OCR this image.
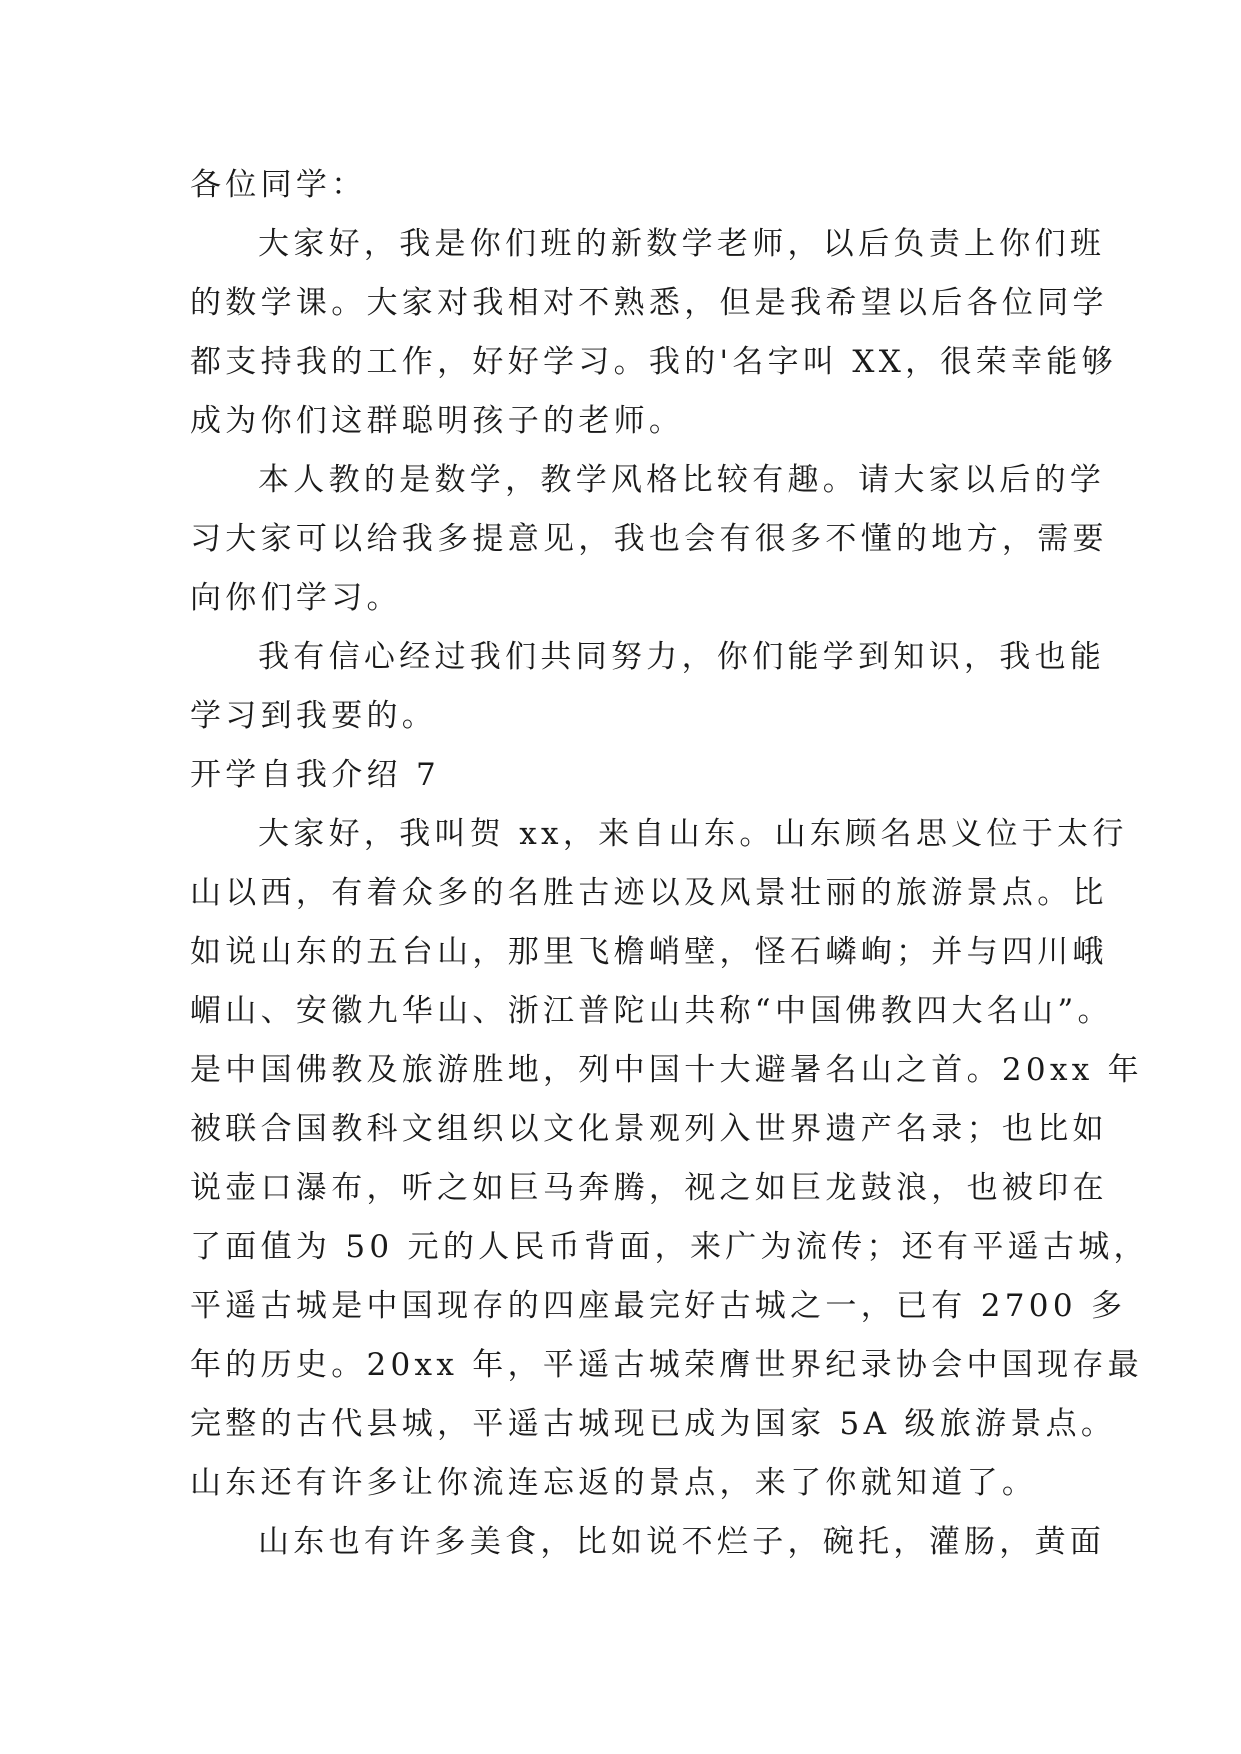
各位同学：
大家好，我是你们班的新数学老师，以后负责上你们班
的数学课。大家对我相对不熟悉，但是我希望以后各位同学
都支持我的工作，好好学习。我的'名字叫 XX，很荣幸能够
成为你们这群聪明孩子的老师。
本人教的是数学，教学风格比较有趣。请大家以后的学
习大家可以给我多提意见，我也会有很多不懂的地方，需要
向你们学习。
我有信心经过我们共同努力，你们能学到知识，我也能
学习到我要的。
开学自我介绍 7
大家好，我叫贺 xx，来自山东。山东顾名思义位于太行
山以西，有着众多的名胜古迹以及风景壮丽的旅游景点。比
如说山东的五台山，那里飞檐峭壁，怪石嶙峋；并与四川峨
嵋山、安徽九华山、浙江普陀山共称“中国佛教四大名山”。
是中国佛教及旅游胜地，列中国十大避暑名山之首。20xx 年
被联合国教科文组织以文化景观列入世界遗产名录；也比如
说壶口瀑布，听之如巨马奔腾，视之如巨龙鼓浪，也被印在
了面值为 50 元的人民币背面，来广为流传；还有平遥古城，
平遥古城是中国现存的四座最完好古城之一，已有 2700 多
年的历史。20xx 年，平遥古城荣膺世界纪录协会中国现存最
完整的古代县城，平遥古城现已成为国家 5A 级旅游景点。
山东还有许多让你流连忘返的景点，来了你就知道了。
山东也有许多美食，比如说不烂子，碗托，灌肠，黄面
